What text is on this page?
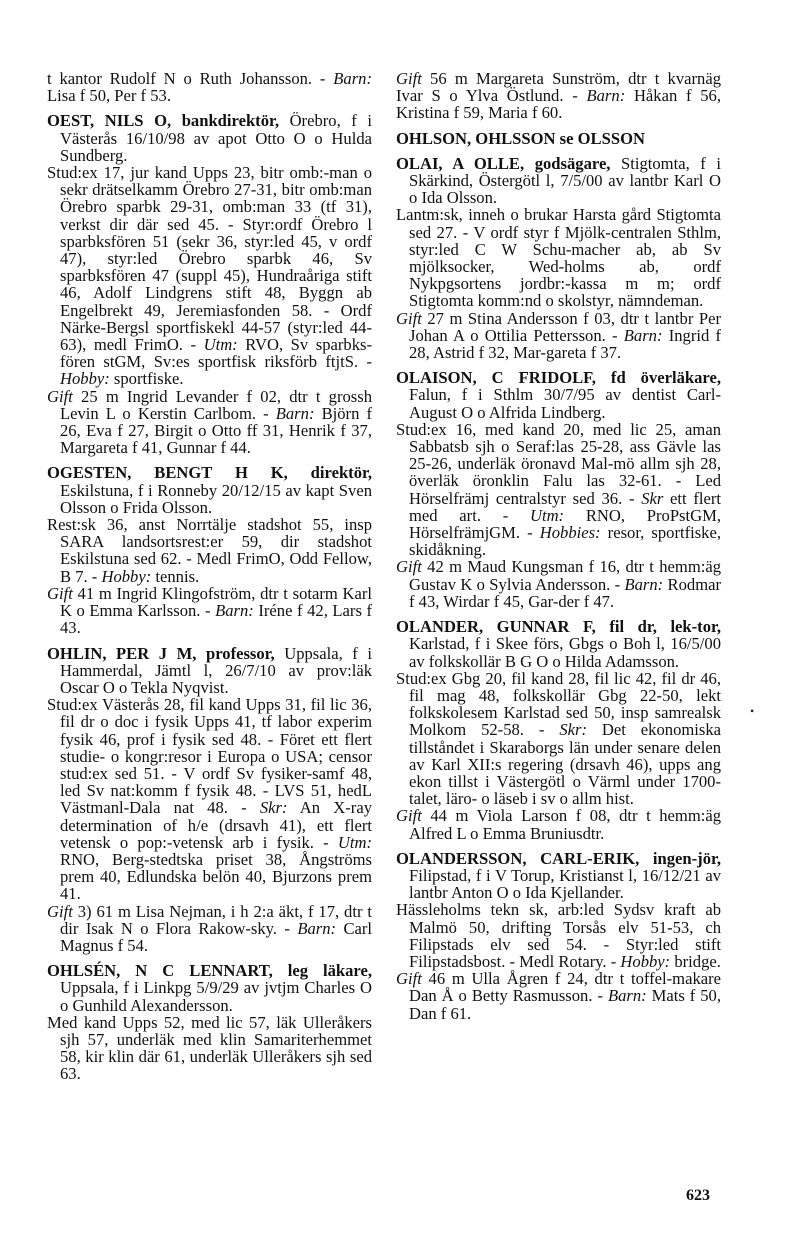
t kantor Rudolf N o Ruth Johansson. - Barn: Lisa f 50, Per f 53.

OEST, NILS O, bankdirektör, Örebro, f i Västerås 16/10/98 av apot Otto O o Hulda Sundberg.

Stud:ex 17, jur kand Upps 23, bitr omb:-man o sekr drätselkamm Örebro 27-31, bitr omb:man Örebro sparbk 29-31, omb:man 33 (tf 31), verkst dir där sed 45. - Styr:ordf Örebro l sparbksfören 51 (sekr 36, styr:led 45, v ordf 47), styr:led Örebro sparbk 46, Sv sparbksfören 47 (suppl 45), Hundraåriga stift 46, Adolf Lindgrens stift 48, Byggn ab Engelbrekt 49, Jeremiasfonden 58. - Ordf Närke-Bergsl sportfiskekl 44-57 (styr:led 44-63), medl FrimO. - Utm: RVO, Sv sparbks-fören stGM, Sv:es sportfisk riksförb ftjtS. - Hobby: sportfiske.

Gift 25 m Ingrid Levander f 02, dtr t grossh Levin L o Kerstin Carlbom. - Barn: Björn f 26, Eva f 27, Birgit o Otto ff 31, Henrik f 37, Margareta f 41, Gunnar f 44.

OGESTEN, BENGT H K, direktör, Eskilstuna, f i Ronneby 20/12/15 av kapt Sven Olsson o Frida Olsson.

Rest:sk 36, anst Norrtälje stadshot 55, insp SARA landsortsrest:er 59, dir stadshot Eskilstuna sed 62. - Medl FrimO, Odd Fellow, B 7. - Hobby: tennis.

Gift 41 m Ingrid Klingofström, dtr t sotarm Karl K o Emma Karlsson. - Barn: Iréne f 42, Lars f 43.

OHLIN, PER J M, professor, Uppsala, f i Hammerdal, Jämtl l, 26/7/10 av prov:läk Oscar O o Tekla Nyqvist.

Stud:ex Västerås 28, fil kand Upps 31, fil lic 36, fil dr o doc i fysik Upps 41, tf labor experim fysik 46, prof i fysik sed 48. - Föret ett flert studie- o kongr:resor i Europa o USA; censor stud:ex sed 51. - V ordf Sv fysiker-samf 48, led Sv nat:komm f fysik 48. - LVS 51, hedL Västmanl-Dala nat 48. - Skr: An X-ray determination of h/e (drsavh 41), ett flert vetensk o pop:-vetensk arb i fysik. - Utm: RNO, Berg-stedtska priset 38, Ångströms prem 40, Edlundska belön 40, Bjurzons prem 41.

Gift 3) 61 m Lisa Nejman, i h 2:a äkt, f 17, dtr t dir Isak N o Flora Rakow-sky. - Barn: Carl Magnus f 54.

OHLSÉN, N C LENNART, leg läkare, Uppsala, f i Linkpg 5/9/29 av jvtjm Charles O o Gunhild Alexandersson.

Med kand Upps 52, med lic 57, läk Ulleråkers sjh 57, underläk med klin Samariterhemmet 58, kir klin där 61, underläk Ulleråkers sjh sed 63.

Gift 56 m Margareta Sunström, dtr t kvarnäg Ivar S o Ylva Östlund. - Barn: Håkan f 56, Kristina f 59, Maria f 60.

OHLSON, OHLSSON se OLSSON

OLAI, A OLLE, godsägare, Stigtomta, f i Skärkind, Östergötl l, 7/5/00 av lantbr Karl O o Ida Olsson.

Lantm:sk, inneh o brukar Harsta gård Stigtomta sed 27. - V ordf styr f Mjölk-centralen Sthlm, styr:led C W Schu-macher ab, ab Sv mjölksocker, Wed-holms ab, ordf Nykpgsortens jordbr:-kassa m m; ordf Stigtomta komm:nd o skolstyr, nämndeman.

Gift 27 m Stina Andersson f 03, dtr t lantbr Per Johan A o Ottilia Pettersson. - Barn: Ingrid f 28, Astrid f 32, Mar-gareta f 37.

OLAISON, C FRIDOLF, fd överläkare, Falun, f i Sthlm 30/7/95 av dentist Carl-August O o Alfrida Lindberg.

Stud:ex 16, med kand 20, med lic 25, aman Sabbatsb sjh o Seraf:las 25-28, ass Gävle las 25-26, underläk öronavd Mal-mö allm sjh 28, överläk öronklin Falu las 32-61. - Led Hörselfrämj centralstyr sed 36. - Skr ett flert med art. - Utm: RNO, ProPstGM, HörselfrämjGM. - Hobbies: resor, sportfiske, skidåkning.

Gift 42 m Maud Kungsman f 16, dtr t hemm:äg Gustav K o Sylvia Andersson. - Barn: Rodmar f 43, Wirdar f 45, Gar-der f 47.

OLANDER, GUNNAR F, fil dr, lek-tor, Karlstad, f i Skee förs, Gbgs o Boh l, 16/5/00 av folkskollär B G O o Hilda Adamsson.

Stud:ex Gbg 20, fil kand 28, fil lic 42, fil dr 46, fil mag 48, folkskollär Gbg 22-50, lekt folkskolesem Karlstad sed 50, insp samrealsk Molkom 52-58. - Skr: Det ekonomiska tillståndet i Skaraborgs län under senare delen av Karl XII:s regering (drsavh 46), upps ang ekon tillst i Västergötl o Värml under 1700-talet, läro- o läseb i sv o allm hist.

Gift 44 m Viola Larson f 08, dtr t hemm:äg Alfred L o Emma Bruniusdtr.

OLANDERSSON, CARL-ERIK, ingen-jör, Filipstad, f i V Torup, Kristianst l, 16/12/21 av lantbr Anton O o Ida Kjellander.

Hässleholms tekn sk, arb:led Sydsv kraft ab Malmö 50, drifting Torsås elv 51-53, ch Filipstads elv sed 54. - Styr:led stift Filipstadsbost. - Medl Rotary. - Hobby: bridge.

Gift 46 m Ulla Ågren f 24, dtr t toffel-makare Dan Å o Betty Rasmusson. - Barn: Mats f 50, Dan f 61.

•
623
